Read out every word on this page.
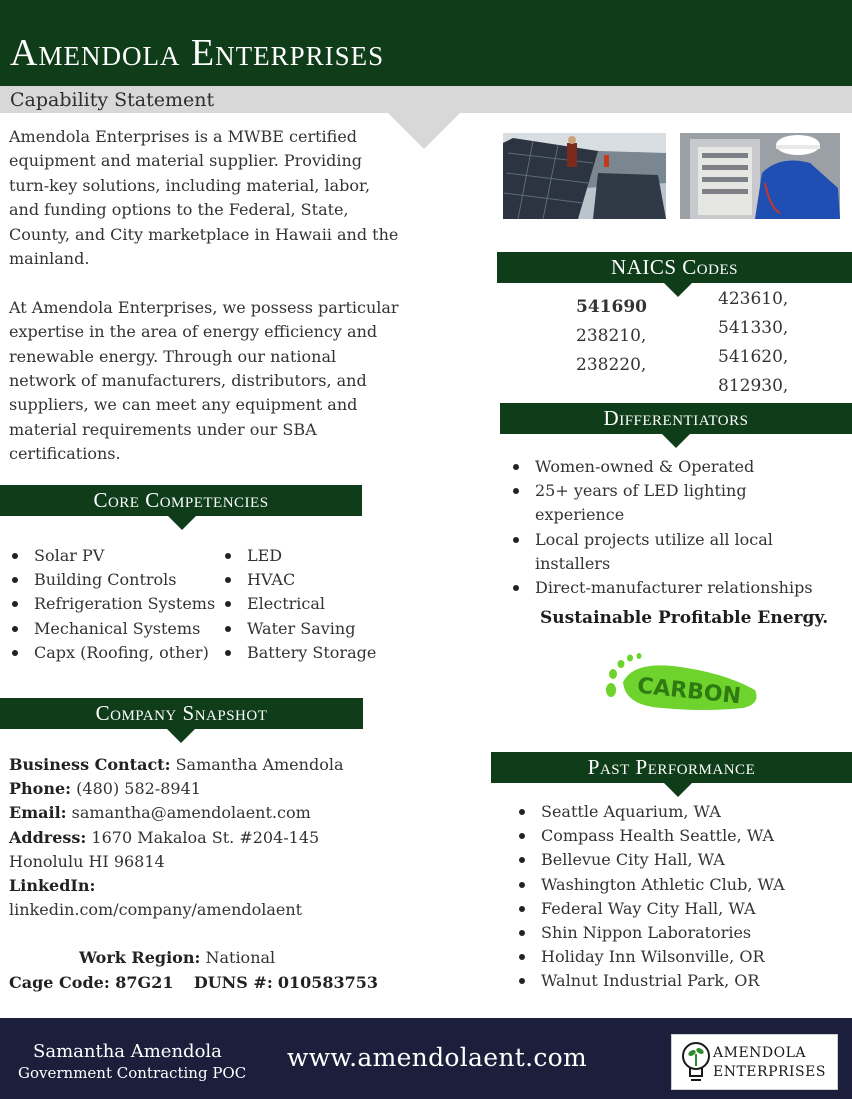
Amendola Enterprises
Capability Statement

Amendola Enterprises is a MWBE certified equipment and material supplier. Providing turn-key solutions, including material, labor, and funding options to the Federal, State, County, and City marketplace in Hawaii and the mainland.

At Amendola Enterprises, we possess particular expertise in the area of energy efficiency and renewable energy. Through our national network of manufacturers, distributors, and suppliers, we can meet any equipment and material requirements under our SBA certifications.

Core Competencies
Solar PV
Building Controls
Refrigeration Systems
Mechanical Systems
Capx (Roofing, other)
LED
HVAC
Electrical
Water Saving
Battery Storage
Company Snapshot
Business Contact: Samantha Amendola
Phone: (480) 582-8941
Email: samantha@amendolaent.com
Address: 1670 Makaloa St. #204-145
Honolulu HI 96814
LinkedIn:
linkedin.com/company/amendolaent
Work Region: National
Cage Code: 87G21 DUNS #: 010583753
NAICS Codes
541690
238210,
238220,
423610,
541330,
541620,
812930,
Differentiators
Women-owned & Operated
25+ years of LED lighting experience
Local projects utilize all local installers
Direct-manufacturer relationships
Sustainable Profitable Energy.
CARBON
Past Performance
Seattle Aquarium, WA
Compass Health Seattle, WA
Bellevue City Hall, WA
Washington Athletic Club, WA
Federal Way City Hall, WA
Shin Nippon Laboratories
Holiday Inn Wilsonville, OR
Walnut Industrial Park, OR
Samantha Amendola
Government Contracting POC
www.amendolaent.com	AMENDOLA
ENTERPRISES
